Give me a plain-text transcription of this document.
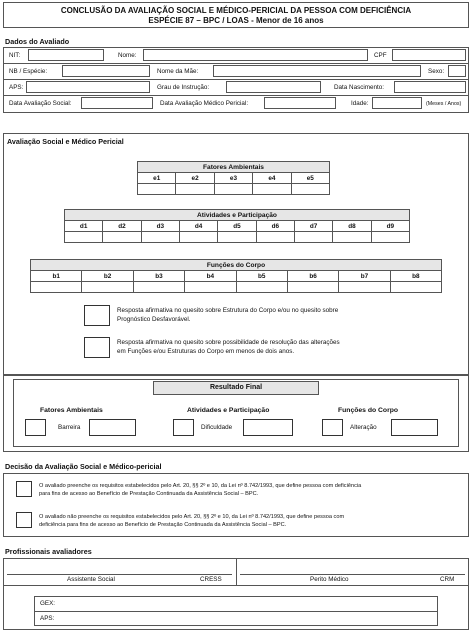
CONCLUSÃO DA AVALIAÇÃO SOCIAL E MÉDICO-PERICIAL DA PESSOA COM DEFICIÊNCIA
ESPÉCIE 87 – BPC / LOAS - Menor de 16 anos
Dados do Avaliado
NIT:	Nome:	CPF
NB / Espécie:	Nome da Mãe:	Sexo:
APS:	Grau de Instrução:	Data Nascimento:
Data Avaliação Social:	Data Avaliação Médico Pericial:	Idade:	(Meses / Anos)
Avaliação Social e Médico Pericial
Fatores Ambientais				
e1	e2	e3	e4	e5

Atividades e Participação								
d1	d2	d3	d4	d5	d6	d7	d8	d9

Funções do Corpo							
b1	b2	b3	b4	b5	b6	b7	b8

Resposta afirmativa no quesito sobre Estrutura do Corpo e/ou no quesito sobre
Prognóstico Desfavorável.
Resposta afirmativa no quesito sobre possibilidade de resolução das alterações
em Funções e/ou Estruturas do Corpo em menos de dois anos.
Resultado Final
Fatores Ambientais	Atividades e Participação	Funções do Corpo
Barreira	Dificuldade	Alteração
Decisão da Avaliação Social e Médico-pericial
O avaliado preenche os requisitos estabelecidos pelo Art. 20, §§ 2º e 10, da Lei nº 8.742/1993, que define pessoa com deficiência
para fins de acesso ao Benefício de Prestação Continuada da Assistência Social – BPC.
O avaliado não preenche os requisitos estabelecidos pelo Art. 20, §§ 2º e 10, da Lei nº 8.742/1993, que define pessoa com
deficiência para fins de acesso ao Benefício de Prestação Continuada da Assistência Social – BPC.
Profissionais avaliadores
Assistente Social	CRESS	Perito Médico	CRM
GEX:
APS:
